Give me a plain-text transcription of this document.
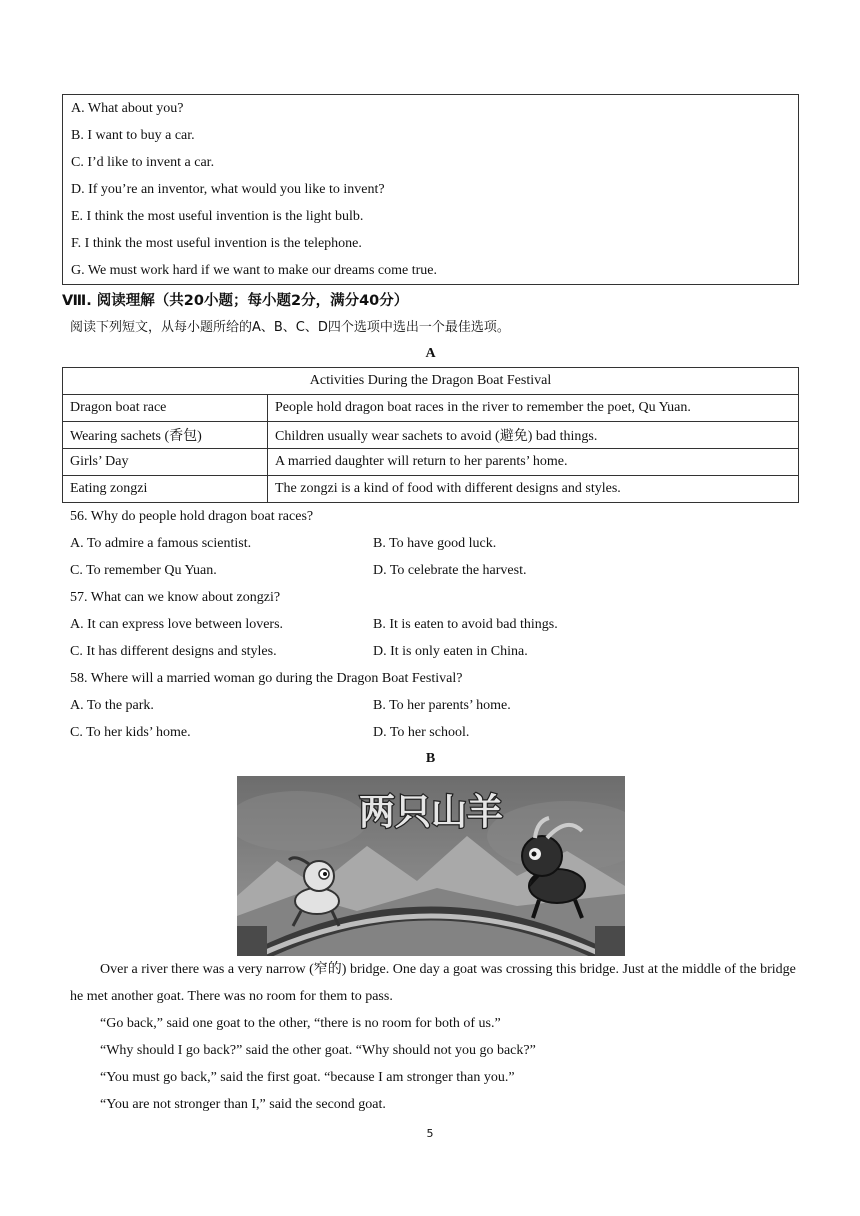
A. What about you?
B. I want to buy a car.
C. I’d like to invent a car.
D. If you’re an inventor, what would you like to invent?
E. I think the most useful invention is the light bulb.
F. I think the most useful invention is the telephone.
G. We must work hard if we want to make our dreams come true.
Ⅷ. 阅读理解（共20小题；每小题2分，满分40分）
阅读下列短文，从每小题所给的A、B、C、D四个选项中选出一个最佳选项。
A
Activities During the Dragon Boat Festival	
Dragon boat race	People hold dragon boat races in the river to remember the poet, Qu Yuan.
Wearing sachets (香包)	Children usually wear sachets to avoid (避免) bad things.
Girls’ Day	A married daughter will return to her parents’ home.
Eating zongzi	The zongzi is a kind of food with different designs and styles.
56. Why do people hold dragon boat races?
A. To admire a famous scientist.	B. To have good luck.
C. To remember Qu Yuan.	D. To celebrate the harvest.
57. What can we know about zongzi?
A. It can express love between lovers.	B. It is eaten to avoid bad things.
C. It has different designs and styles.	D. It is only eaten in China.
58. Where will a married woman go during the Dragon Boat Festival?
A. To the park.	B. To her parents’ home.
C. To her kids’ home.	D. To her school.
B
两只山羊
Over a river there was a very narrow (窄的) bridge. One day a goat was crossing this bridge. Just at the middle of the bridge he met another goat. There was no room for them to pass.
“Go back,” said one goat to the other, “there is no room for both of us.”
“Why should I go back?” said the other goat. “Why should not you go back?”
“You must go back,” said the first goat. “because I am stronger than you.”
“You are not stronger than I,” said the second goat.
5
